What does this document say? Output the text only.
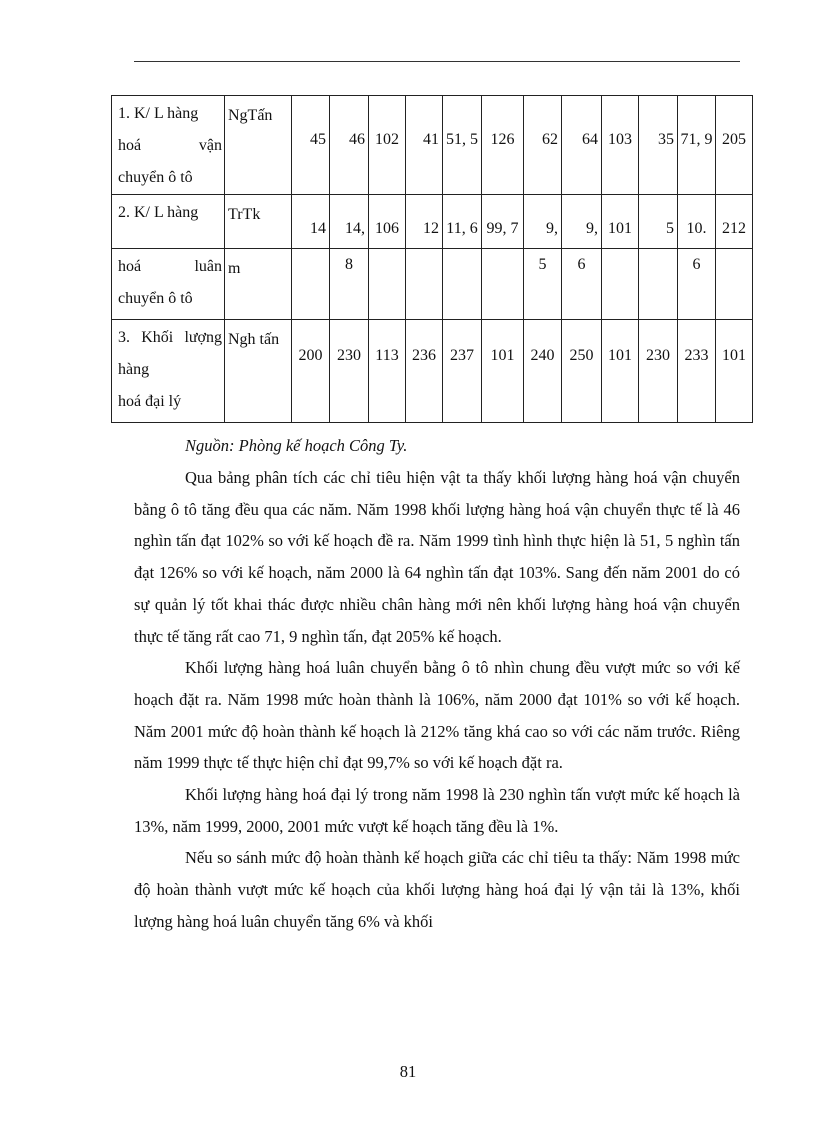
1. K/ L hàng
hoá vận
chuyển ô tô	NgTấn	45	46	102	41	51, 5	126	62	64	103	35	71, 9	205

2. K/ L hàng	TrTk	14	14,	106	12	11, 6	99, 7	9,	9,	101	5	10.	212
hoá luân
chuyển ô tô	m		8					5	6			6	
3. Khối lượng hàng
hoá đại lý	Ngh tấn	200	230	113	236	237	101	240	250	101	230	233	101
Nguồn: Phòng kế hoạch Công Ty.

Qua bảng phân tích các chỉ tiêu hiện vật ta thấy khối lượng hàng hoá vận chuyển bằng ô tô tăng đều qua các năm. Năm 1998 khối lượng hàng hoá vận chuyển thực tế là 46 nghìn tấn đạt 102% so với kế hoạch đề ra. Năm 1999 tình hình thực hiện là 51, 5 nghìn tấn đạt 126% so với kế hoạch, năm 2000 là 64 nghìn tấn đạt 103%. Sang đến năm 2001 do có sự quản lý tốt khai thác được nhiều chân hàng mới nên khối lượng hàng hoá vận chuyển thực tế tăng rất cao 71, 9 nghìn tấn, đạt 205% kế hoạch.

Khối lượng hàng hoá luân chuyển bằng ô tô nhìn chung đều vượt mức so với kế hoạch đặt ra. Năm 1998 mức hoàn thành là 106%, năm 2000 đạt 101% so với kế hoạch. Năm 2001 mức độ hoàn thành kế hoạch là 212% tăng khá cao so với các năm trước. Riêng năm 1999 thực tế thực hiện chỉ đạt 99,7% so với kế hoạch đặt ra.

Khối lượng hàng hoá đại lý trong năm 1998 là 230 nghìn tấn vượt mức kế hoạch là 13%, năm 1999, 2000, 2001 mức vượt kế hoạch tăng đều là 1%.

Nếu so sánh mức độ hoàn thành kế hoạch giữa các chỉ tiêu ta thấy: Năm 1998 mức độ hoàn thành vượt mức kế hoạch của khối lượng hàng hoá đại lý vận tải là 13%, khối lượng hàng hoá luân chuyển tăng 6% và khối

81
